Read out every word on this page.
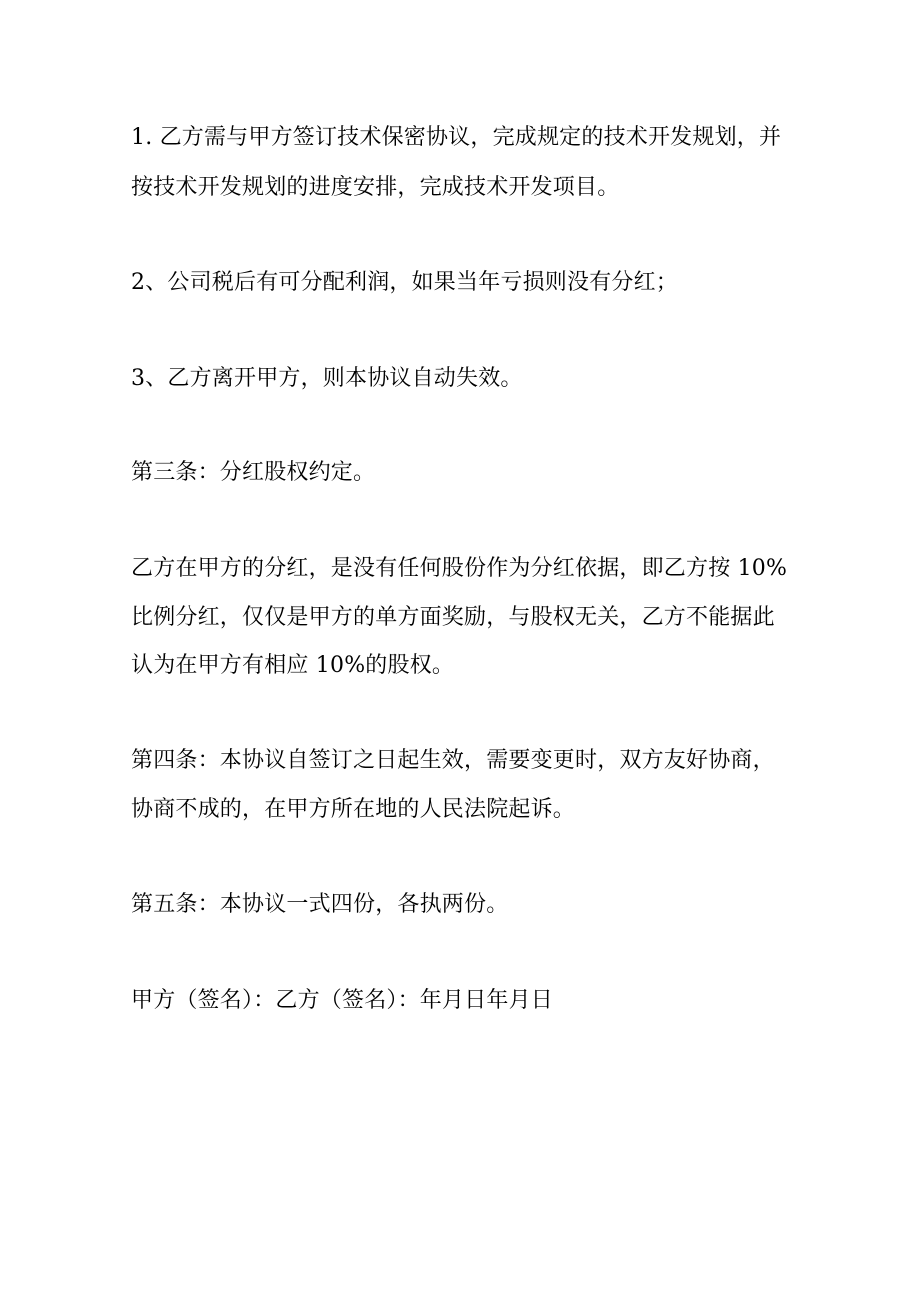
1. 乙方需与甲方签订技术保密协议，完成规定的技术开发规划，并
按技术开发规划的进度安排，完成技术开发项目。
2、公司税后有可分配利润，如果当年亏损则没有分红；
3、乙方离开甲方，则本协议自动失效。
第三条：分红股权约定。
乙方在甲方的分红，是没有任何股份作为分红依据，即乙方按 10%
比例分红，仅仅是甲方的单方面奖励，与股权无关，乙方不能据此
认为在甲方有相应 10%的股权。
第四条：本协议自签订之日起生效，需要变更时，双方友好协商，
协商不成的，在甲方所在地的人民法院起诉。
第五条：本协议一式四份，各执两份。
甲方（签名）：乙方（签名）：年月日年月日
